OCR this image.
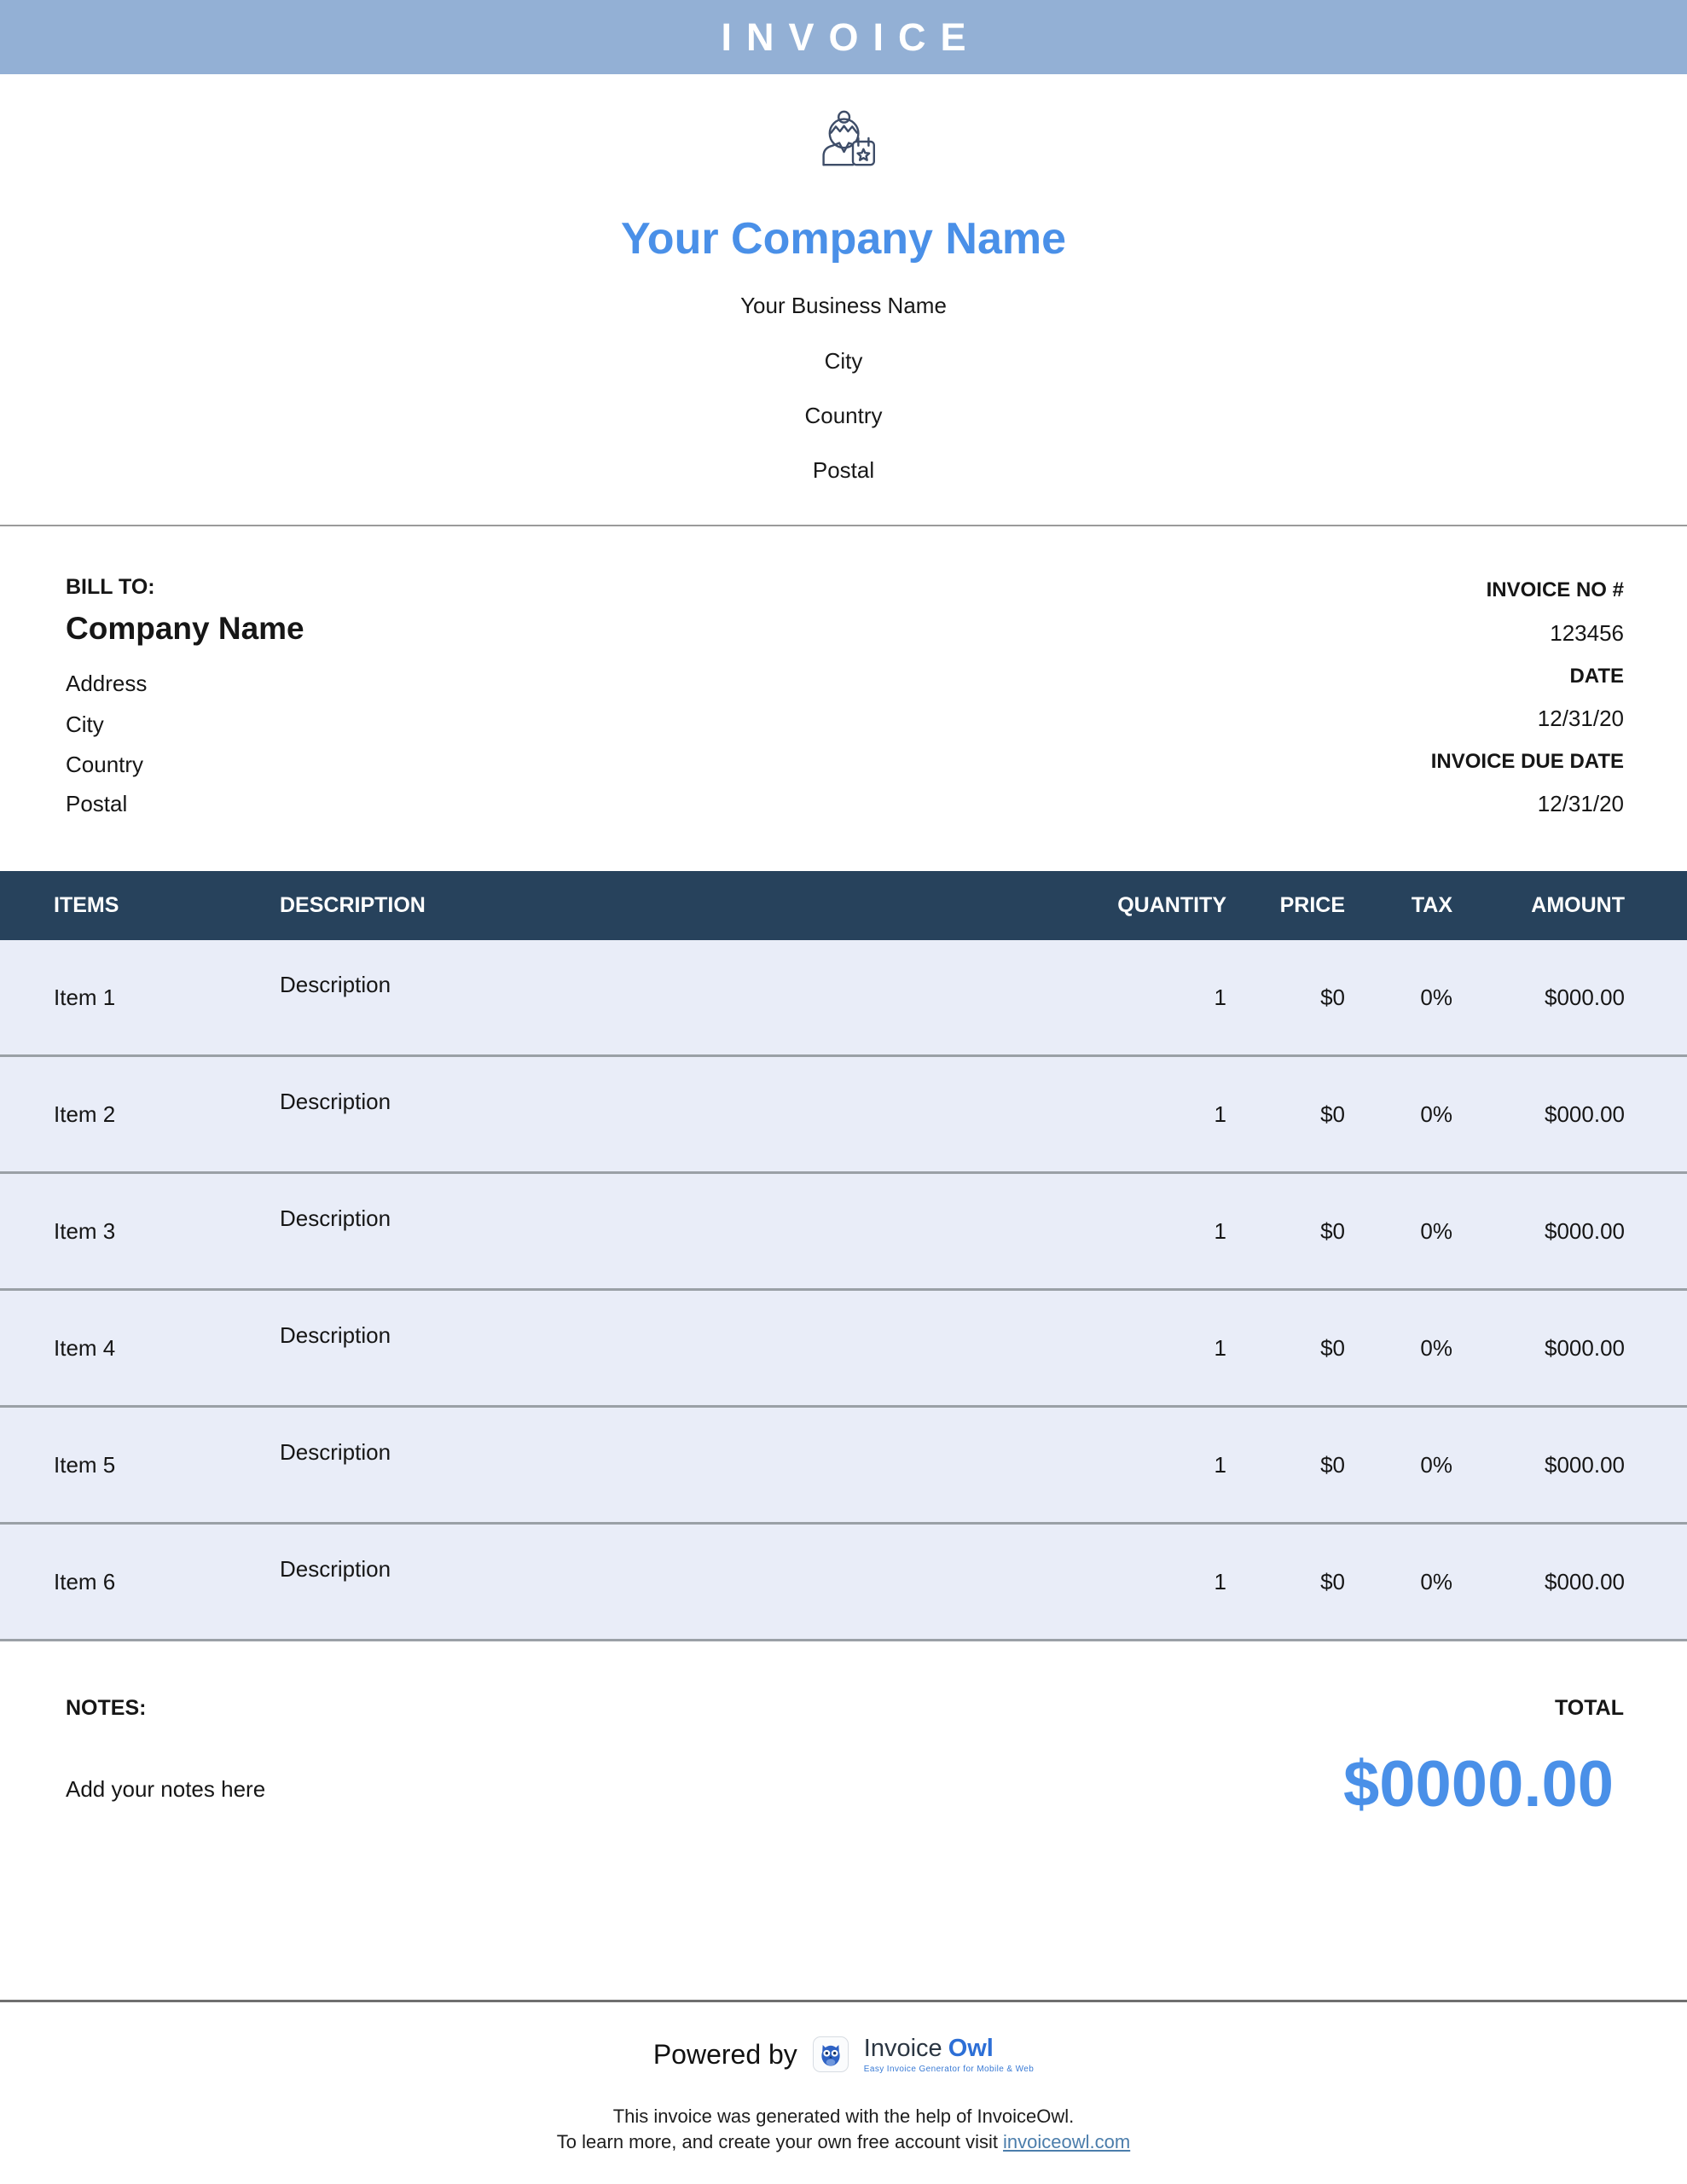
INVOICE
Your Company Name
Your Business Name
City
Country
Postal
BILL TO:
Company Name
Address
City
Country
Postal
INVOICE NO #
123456
DATE
12/31/20
INVOICE DUE DATE
12/31/20
ITEMS	DESCRIPTION	QUANTITY	PRICE	TAX	AMOUNT
Item 1	Description	1	$0	0%	$000.00
Item 2	Description	1	$0	0%	$000.00
Item 3	Description	1	$0	0%	$000.00
Item 4	Description	1	$0	0%	$000.00
Item 5	Description	1	$0	0%	$000.00
Item 6	Description	1	$0	0%	$000.00
NOTES:	TOTAL
Add your notes here	$0000.00
Powered by	Invoice Owl
Easy Invoice Generator for Mobile & Web
This invoice was generated with the help of InvoiceOwl.
To learn more, and create your own free account visit invoiceowl.com
